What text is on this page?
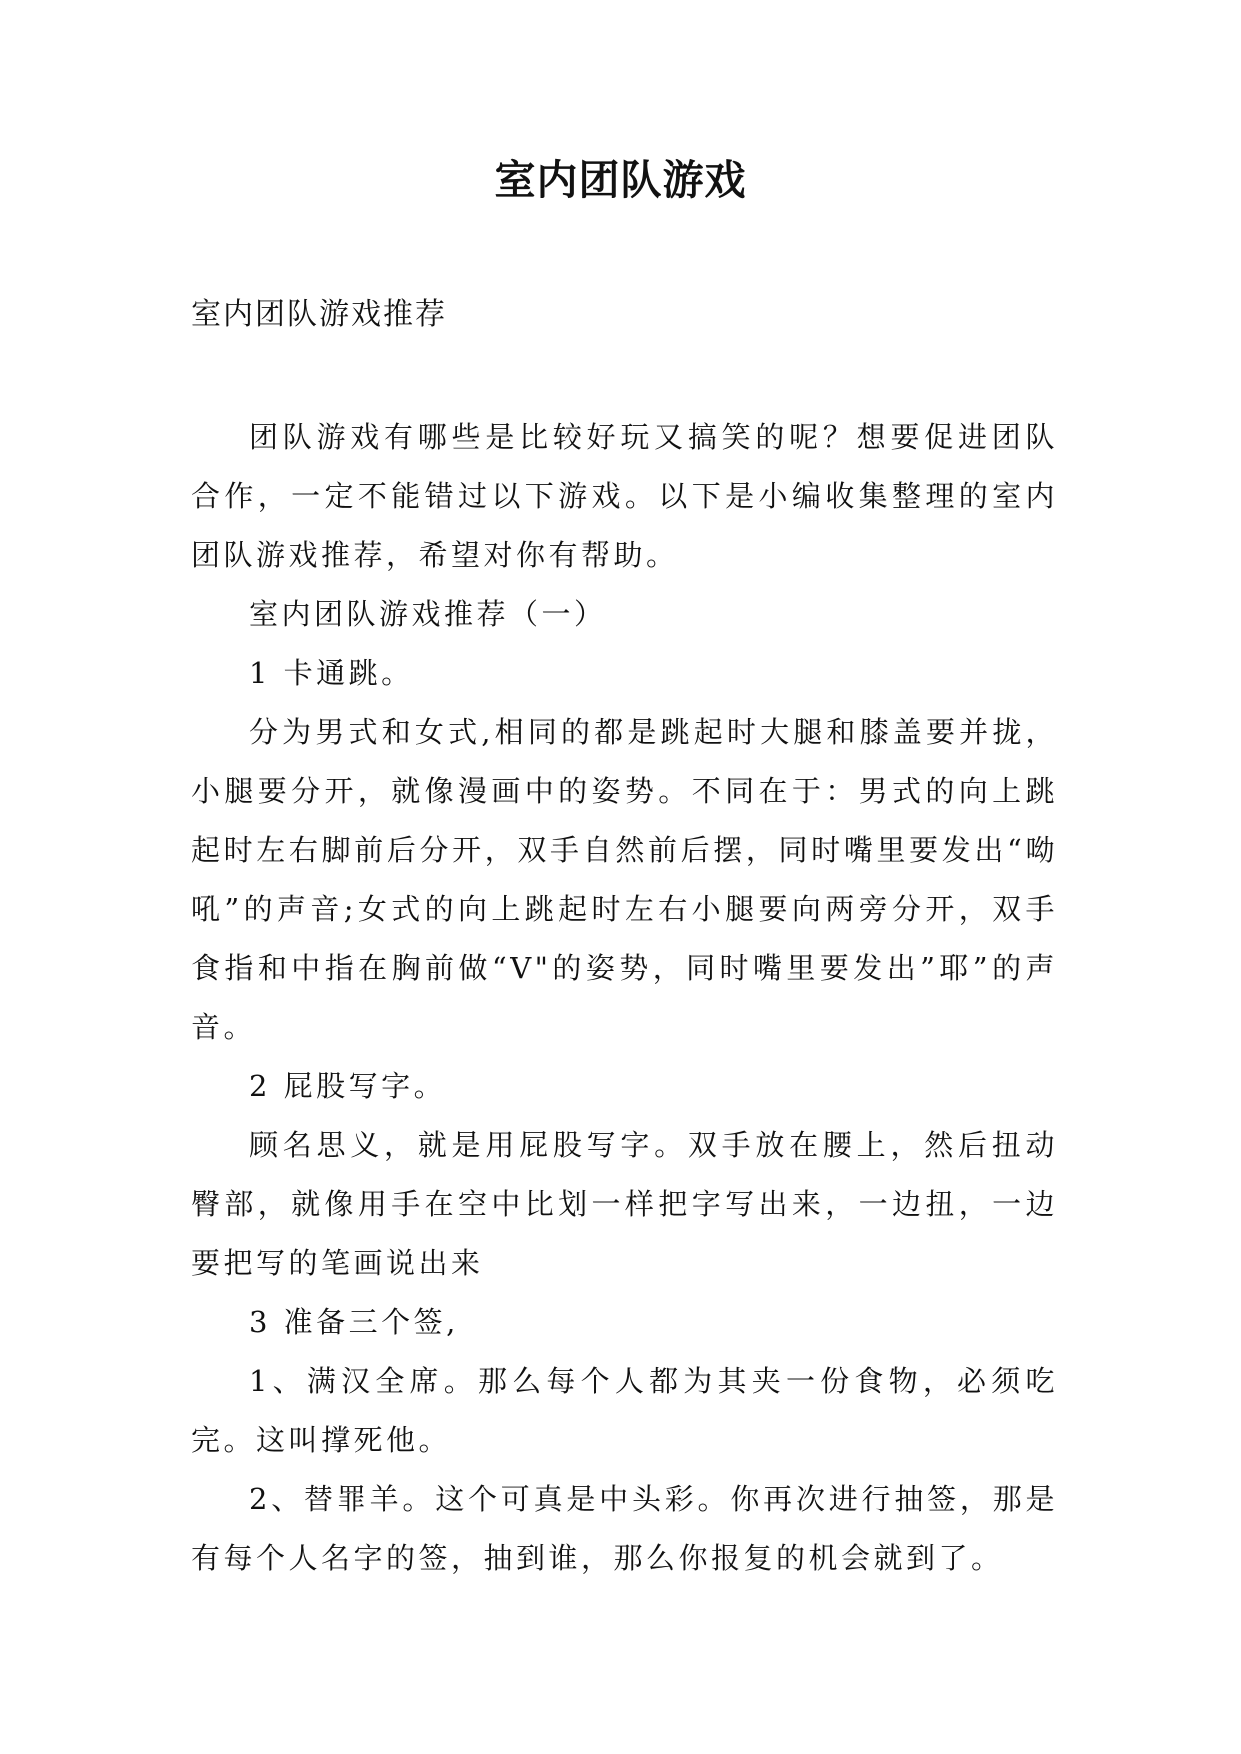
室内团队游戏
室内团队游戏推荐

团队游戏有哪些是比较好玩又搞笑的呢？想要促进团队合作，一定不能错过以下游戏。以下是小编收集整理的室内团队游戏推荐，希望对你有帮助。

室内团队游戏推荐（一）

1 卡通跳。

分为男式和女式,相同的都是跳起时大腿和膝盖要并拢，小腿要分开，就像漫画中的姿势。不同在于：男式的向上跳起时左右脚前后分开，双手自然前后摆，同时嘴里要发出“呦吼”的声音;女式的向上跳起时左右小腿要向两旁分开，双手食指和中指在胸前做“V"的姿势，同时嘴里要发出”耶”的声音。

2 屁股写字。

顾名思义，就是用屁股写字。双手放在腰上，然后扭动臀部，就像用手在空中比划一样把字写出来，一边扭，一边要把写的笔画说出来

3 准备三个签,

1、满汉全席。那么每个人都为其夹一份食物，必须吃完。这叫撑死他。

2、替罪羊。这个可真是中头彩。你再次进行抽签，那是有每个人名字的签，抽到谁，那么你报复的机会就到了。
